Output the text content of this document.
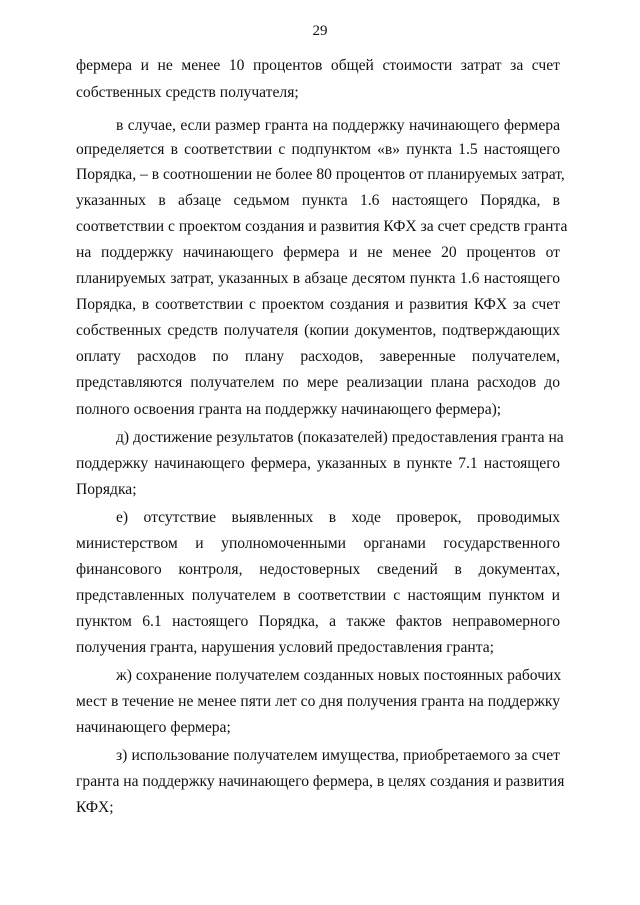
29
фермера и не менее 10 процентов общей стоимости затрат за счет
собственных средств получателя;
в случае, если размер гранта на поддержку начинающего фермера
определяется в соответствии с подпунктом «в» пункта 1.5 настоящего
Порядка, – в соотношении не более 80 процентов от планируемых затрат,
указанных в абзаце седьмом пункта 1.6 настоящего Порядка, в
соответствии с проектом создания и развития КФХ за счет средств гранта
на поддержку начинающего фермера и не менее 20 процентов от
планируемых затрат, указанных в абзаце десятом пункта 1.6 настоящего
Порядка, в соответствии с проектом создания и развития КФХ за счет
собственных средств получателя (копии документов, подтверждающих
оплату расходов по плану расходов, заверенные получателем,
представляются получателем по мере реализации плана расходов до
полного освоения гранта на поддержку начинающего фермера);
д) достижение результатов (показателей) предоставления гранта на
поддержку начинающего фермера, указанных в пункте 7.1 настоящего
Порядка;
е) отсутствие выявленных в ходе проверок, проводимых
министерством и уполномоченными органами государственного
финансового контроля, недостоверных сведений в документах,
представленных получателем в соответствии с настоящим пунктом и
пунктом 6.1 настоящего Порядка, а также фактов неправомерного
получения гранта, нарушения условий предоставления гранта;
ж) сохранение получателем созданных новых постоянных рабочих
мест в течение не менее пяти лет со дня получения гранта на поддержку
начинающего фермера;
з) использование получателем имущества, приобретаемого за счет
гранта на поддержку начинающего фермера, в целях создания и развития
КФХ;
